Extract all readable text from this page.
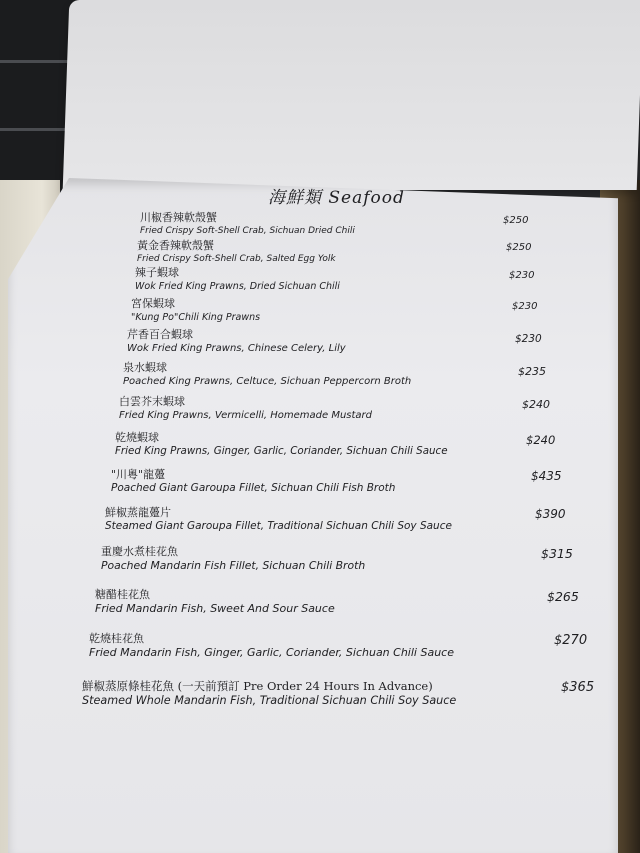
海鮮類 Seafood
川椒香辣軟殼蟹
Fried Crispy Soft-Shell Crab, Sichuan Dried Chili
$250
黃金香辣軟殼蟹
Fried Crispy Soft-Shell Crab, Salted Egg Yolk
$250
辣子蝦球
Wok Fried King Prawns, Dried Sichuan Chili
$230
宮保蝦球
"Kung Po"Chili King Prawns
$230
芹香百合蝦球
Wok Fried King Prawns, Chinese Celery, Lily
$230
泉水蝦球
Poached King Prawns, Celtuce, Sichuan Peppercorn Broth
$235
白雲芥末蝦球
Fried King Prawns, Vermicelli, Homemade Mustard
$240
乾燒蝦球
Fried King Prawns, Ginger, Garlic, Coriander, Sichuan Chili Sauce
$240
"川粵"龍躉
Poached Giant Garoupa Fillet, Sichuan Chili Fish Broth
$435
鮮椒蒸龍躉片
Steamed Giant Garoupa Fillet, Traditional Sichuan Chili Soy Sauce
$390
重慶水煮桂花魚
Poached Mandarin Fish Fillet, Sichuan Chili Broth
$315
糖醋桂花魚
Fried Mandarin Fish, Sweet And Sour Sauce
$265
乾燒桂花魚
Fried Mandarin Fish, Ginger, Garlic, Coriander, Sichuan Chili Sauce
$270
鮮椒蒸原條桂花魚 (一天前預訂 Pre Order 24 Hours In Advance)
Steamed Whole Mandarin Fish, Traditional Sichuan Chili Soy Sauce
$365
